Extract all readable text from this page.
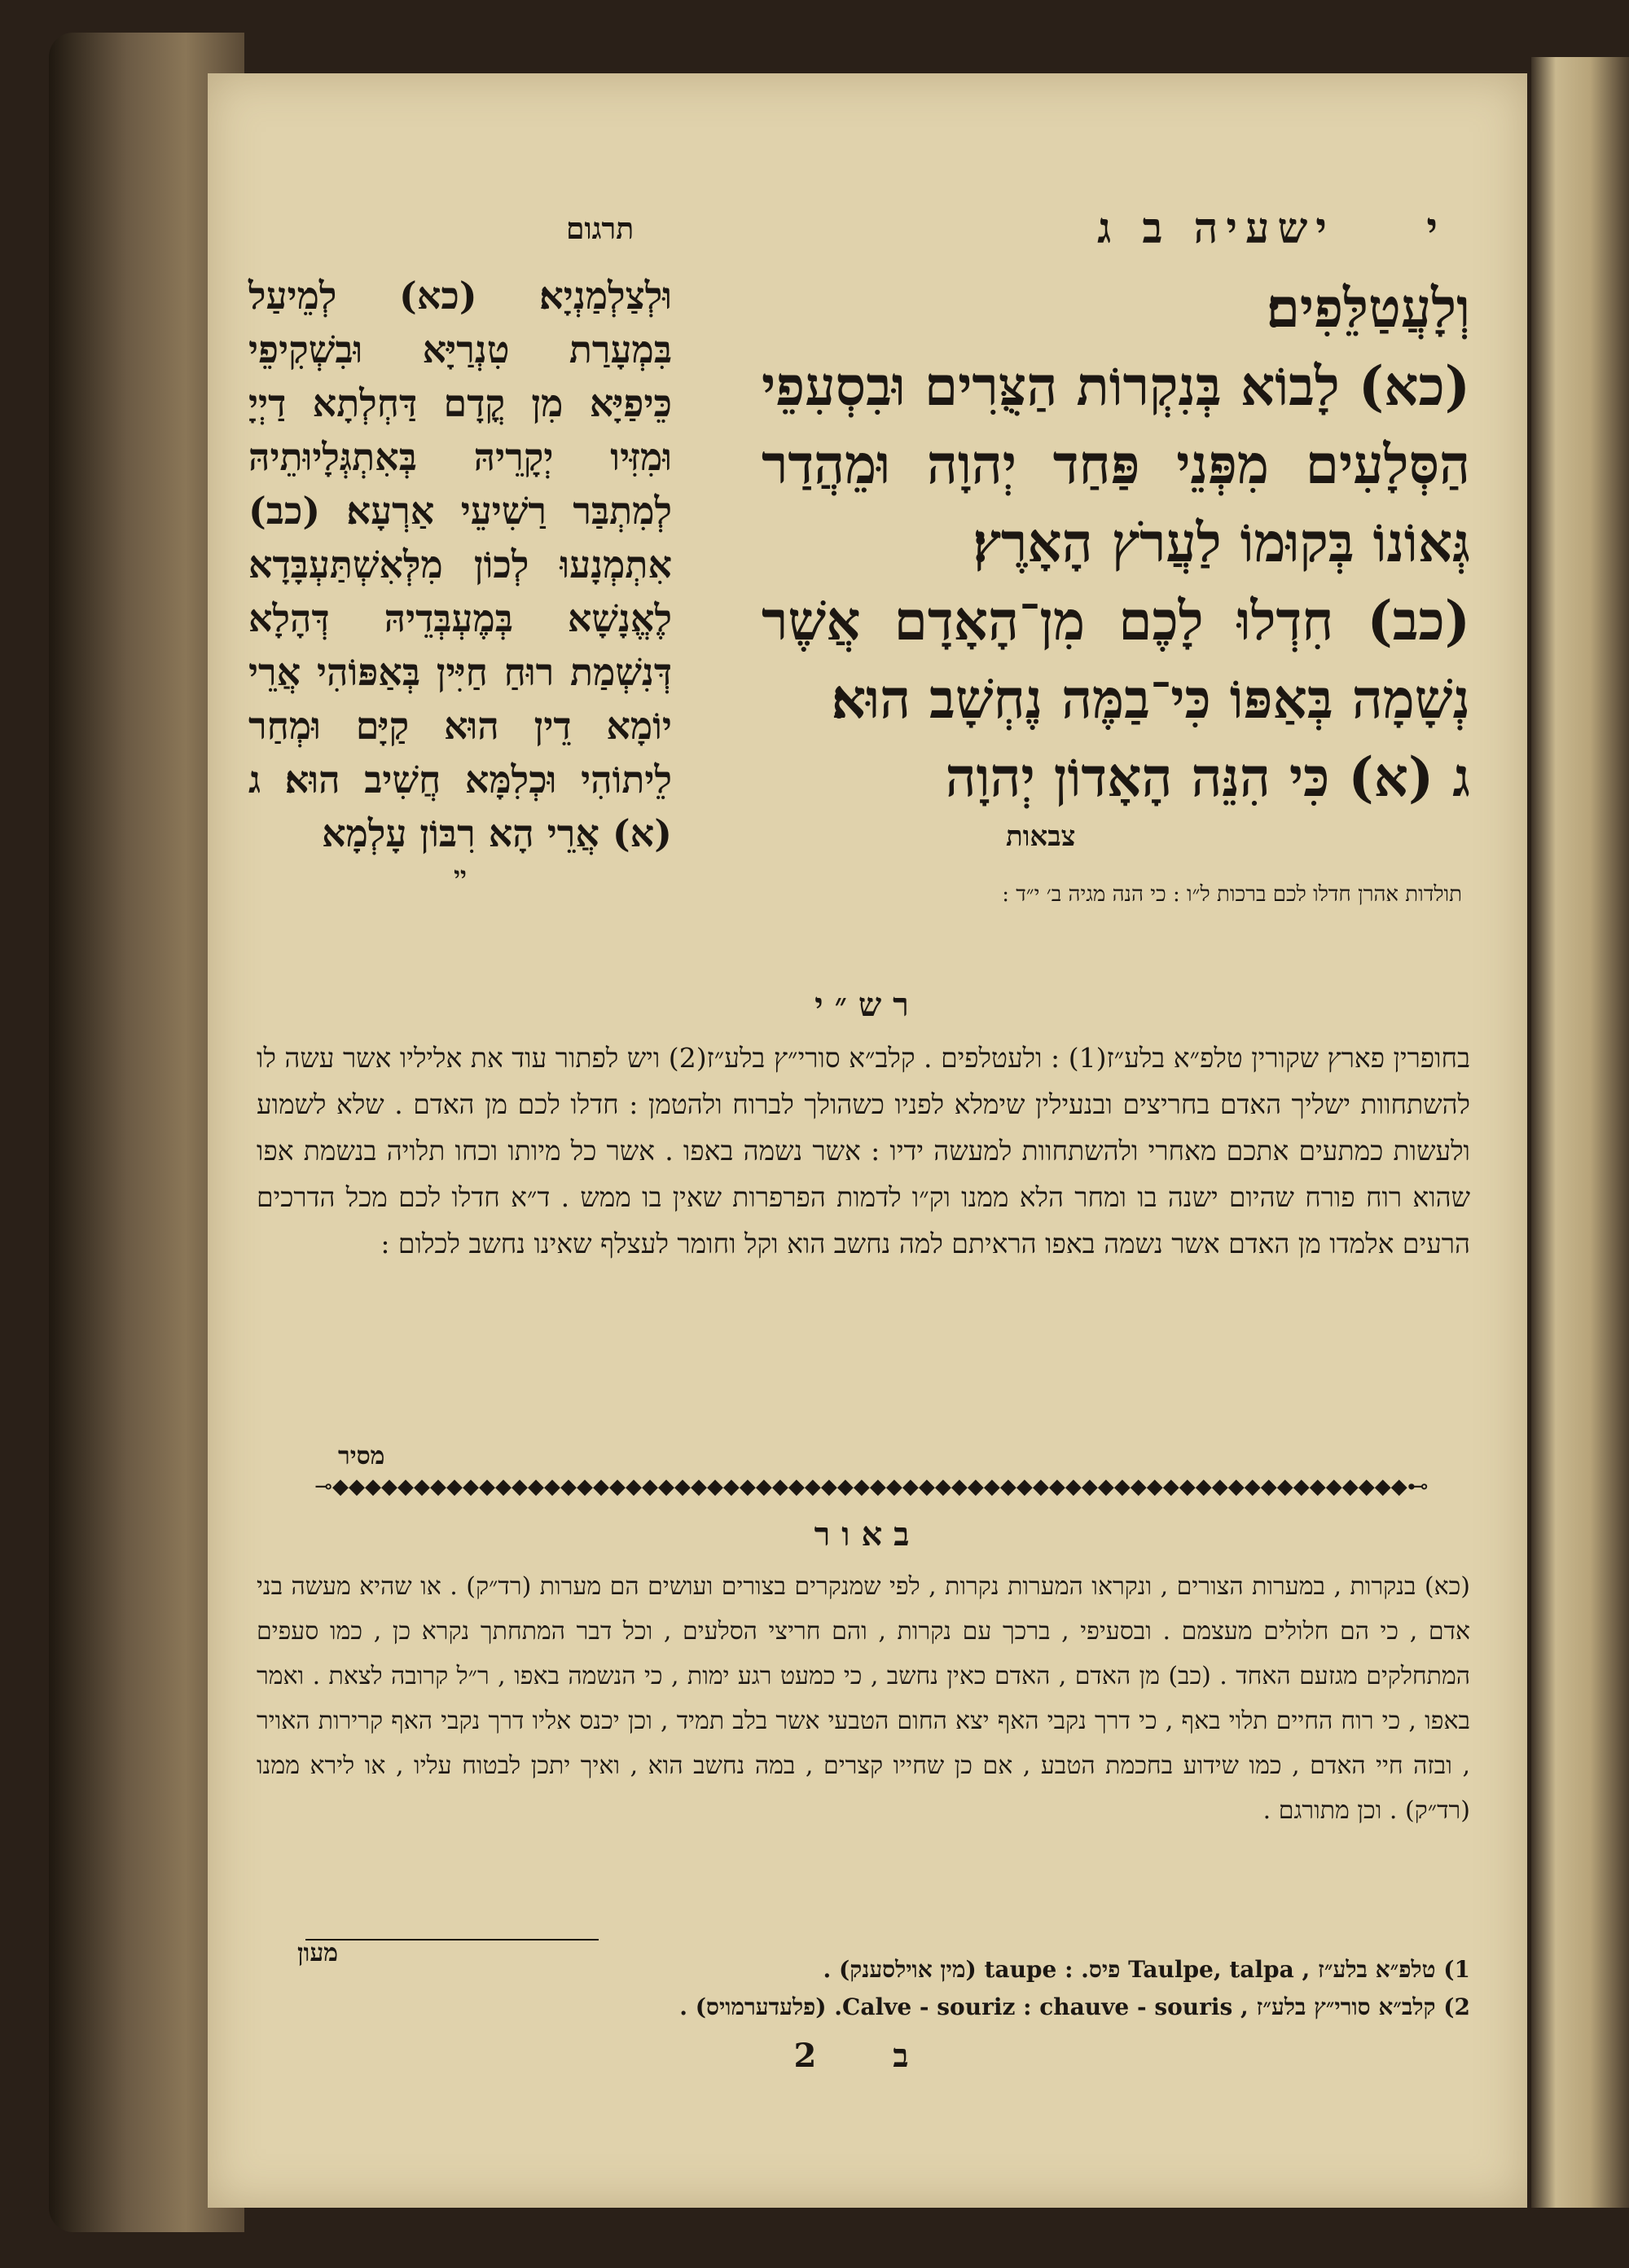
י    ישעיה ב ג
תרגום
וְלָעֲטַלֵּפִים׃
(כא) לָבוֹא בְּנִקְרוֹת הַצֻּרִים וּבִסְעִפֵי הַסְּלָעִים מִפְּנֵי פַּחַד יְהוָה וּמֵהֲדַר גְּאוֹנוֹ בְּקוּמוֹ לַעֲרֹץ הָאָרֶץ׃
(כב) חִדְלוּ לָכֶם מִן־הָאָדָם אֲשֶׁר נְשָׁמָה בְּאַפּוֹ כִּי־בַמֶּה נֶחְשָׁב הוּא׃
ג (א) כִּי הִנֵּה הָאָדוֹן יְהוָה
צבאות
תולדות אהרן חדלו לכם ברכות ל״ו : כי הנה מגיה ב׳ י״ד :
וּלְצַלְמַנְיָא׃ (כא) לְמֵיעַל בִּמְעָרַת טִנְרַיָּא וּבִשְׁקִיפֵי כֵּיפַיָּא מִן קֳדָם דַּחְלְתָא דַיְיָ וּמִזִּיו יְקָרֵיהּ בְּאִתְגְּלָיוּתֵיהּ לְמִתְבַּר רַשִׁיעֵי אַרְעָא׃ (כב) אִתְמְנָעוּ לְכוֹן מִלְּאִשְׁתַּעְבָּדָא לֶאֱנָשָׁא בְּמֶעְבְּדֵיהּ דְּהָלָא דְּנִשְׁמַת רוּחַ חַיִּין בְּאַפּוֹהִי אֲרֵי יוֹמָא דֵין הוּא קַיָּם וּמְחַר לֵיתוֹהִי וּכְלִמָּא חֲשִׁיב הוּא׃ ג (א) אֲרֵי הָא רִבּוֹן עָלְמָא
יי
רש״י
בחופרין פארץ שקורין טלפ״א בלע״ז(1) : ולעטלפים . קלב״א סורי״ץ בלע״ז(2) ויש לפתור עוד את אליליו אשר עשה לו להשתחוות ישליך האדם בחריצים ובנעילין שימלא לפניו כשהולך לברוח ולהטמן : חדלו לכם מן האדם . שלא לשמוע ולעשות כמתעים אתכם מאחרי ולהשתחוות למעשה ידיו : אשר נשמה באפו . אשר כל מיותו וכחו תלויה בנשמת אפו שהוא רוח פורח שהיום ישנה בו ומחר הלא ממנו וק״ו לדמות הפרפרות שאין בו ממש . ד״א חדלו לכם מכל הדרכים הרעים אלמדו מן האדם אשר נשמה באפו הראיתם למה נחשב הוא וקל וחומר לעצלף שאינו נחשב לכלום :
מסיר
⊸◆◆◆◆◆◆◆◆◆◆◆◆◆◆◆◆◆◆◆◆◆◆◆◆◆◆◆◆◆◆◆◆◆◆◆◆◆◆◆◆◆◆◆◆◆◆◆◆◆◆◆◆◆◆◆◆◆◆◆◆◆◆◆◆◆◆⊷
באור
(כא) בנקרות , במערות הצורים , ונקראו המערות נקרות , לפי שמנקרים בצורים ועושים הם מערות (רד״ק) . או שהיא מעשה בני אדם , כי הם חלולים מעצמם . ובסעיפי , ברכך עם נקרות , והם חריצי הסלעים , וכל דבר המתחתך נקרא כן , כמו סעפים המתחלקים מגזעם האחד . (כב) מן האדם , האדם כאין נחשב , כי כמעט רגע ימות , כי הנשמה באפו , ר״ל קרובה לצאת . ואמר באפו , כי רוח החיים תלוי באף , כי דרך נקבי האף יצא החום הטבעי אשר בלב תמיד , וכן יכנס אליו דרך נקבי האף קרירות האויר , ובזה חיי האדם , כמו שידוע בחכמת הטבע , אם כן שחייו קצרים , במה נחשב הוא , ואיך יתכן לבטוח עליו , או לירא ממנו (רד״ק) . וכן מתורגם .
מעון
1) טלפ״א בלע״ז , Taulpe, talpa פיס. : taupe (מין אוילסענק) .
2) קלב״א סורי״ץ בלע״ז , Calve - souriz : chauve - souris. (פלעדערמויס) .
ב 2
